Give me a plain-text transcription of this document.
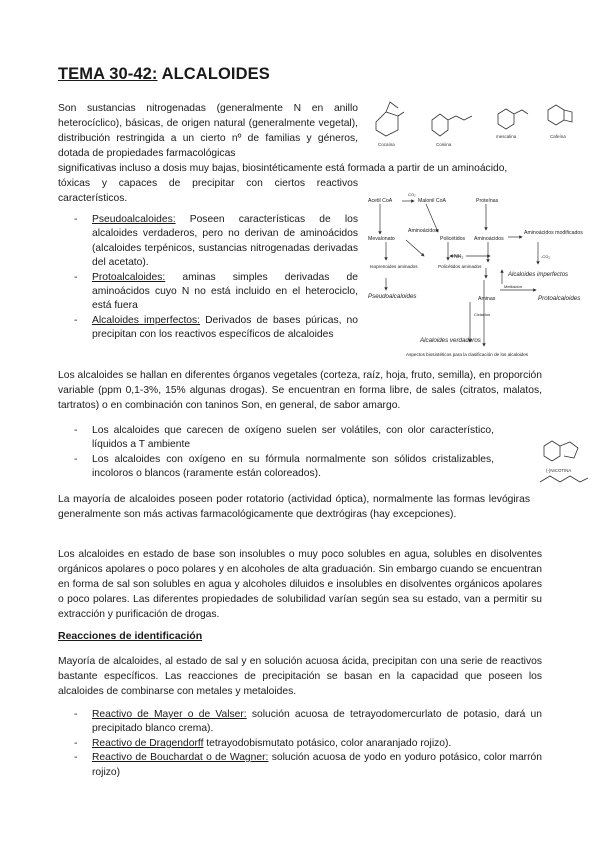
TEMA 30-42: ALCALOIDES

Son sustancias nitrogenadas (generalmente N en anillo heterocíclico), básicas, de origen natural (generalmente vegetal), distribución restringida a un cierto nº de familias y géneros, dotada de propiedades farmacológicas

significativas incluso a dosis muy bajas, biosintéticamente está formada a partir de un aminoácido,

tóxicas y capaces de precipitar con ciertos reactivos característicos.

- Pseudoalcaloides: Poseen características de los alcaloides verdaderos, pero no derivan de aminoácidos (alcaloides terpénicos, sustancias nitrogenadas derivadas del acetato).
- Protoalcaloides: aminas simples derivadas de aminoácidos cuyo N no está incluido en el heterociclo, está fuera
- Alcaloides imperfectos: Derivados de bases púricas, no precipitan con los reactivos específicos de alcaloides

Los alcaloides se hallan en diferentes órganos vegetales (corteza, raíz, hoja, fruto, semilla), en proporción variable (ppm 0,1-3%, 15% algunas drogas). Se encuentran en forma libre, de sales (citratos, malatos, tartratos) o en combinación con taninos Son, en general, de sabor amargo.

- Los alcaloides que carecen de oxígeno suelen ser volátiles, con olor característico, líquidos a T ambiente
- Los alcaloides con oxígeno en su fórmula normalmente son sólidos cristalizables, incoloros o blancos (raramente están coloreados).

La mayoría de alcaloides poseen poder rotatorio (actividad óptica), normalmente las formas levógiras generalmente son más activas farmacológicamente que dextrógiras (hay excepciones).

Los alcaloides en estado de base son insolubles o muy poco solubles en agua, solubles en disolventes orgánicos apolares o poco polares y en alcoholes de alta graduación. Sin embargo cuando se encuentran en forma de sal son solubles en agua y alcoholes diluidos e insolubles en disolventes orgánicos apolares o poco polares. Las diferentes propiedades de solubilidad varían según sea su estado, van a permitir su extracción y purificación de drogas.

Reacciones de identificación

Mayoría de alcaloides, al estado de sal y en solución acuosa ácida, precipitan con una serie de reactivos bastante específicos. Las reacciones de precipitación se basan en la capacidad que poseen los alcaloides de combinarse con metales y metaloides.

- Reactivo de Mayer o de Valser: solución acuosa de tetrayodomercurlato de potasio, dará un precipitado blanco crema).
- Reactivo de Dragendorff tetrayodobismutato potásico, color anaranjado rojizo).
- Reactivo de Bouchardat o de Wagner: solución acuosa de yodo en yoduro potásico, color marrón rojizo)
Cocaína	Coniina
mescalina	Cafeína
Acetil CoA	Malonil CoA	Proteínas
Mevalonato
Aminoácidos
Policétidos Aminoácidos
Aminoácidos modificados
NH₂
Isoprenoides aminados	Policétidos aminados
Alcaloides imperfectos
Pseudoalcaloides	Aminas	Protoalcaloides
Alcaloides verdaderos
CO₂
-CO₂
Metilación
Ciclación
Aspectos biosintéticos para la clasificación de los alcaloides
(-)NICOTINA
